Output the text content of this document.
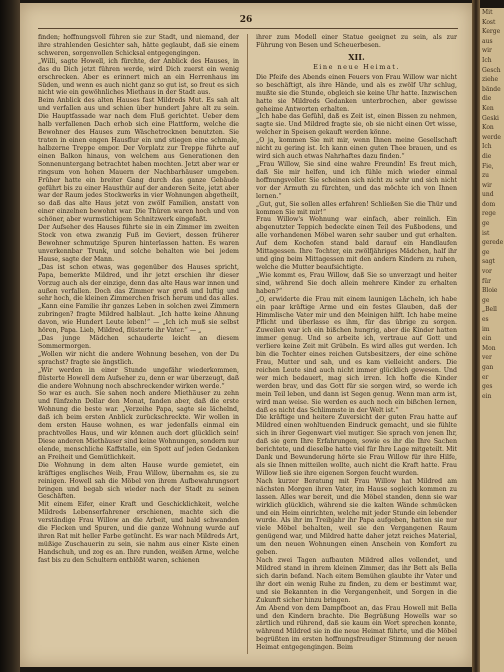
26

finden; hoffnungsvoll führen sie zur Stadt, und niemand, der ihre strahlenden Gesichter sah, hätte geglaubt, daß sie einem schweren, sorgenvollen Schicksal entgegengingen.

„Willi, sagte Howell, ich fürchte, der Anblick des Hauses, in das du Dich jetzt führen werde, wird Dich zuerst ein wenig erschrecken. Aber es erinnert mich an ein Herrenhaus im Süden, und wenn es auch nicht ganz so gut ist, so freut es sich nicht wie ein gewöhnliches Miethaus in der Stadt aus.

Beim Anblick des alten Hauses fast Mildreds Mut. Es sah alt und verfallen aus und schien über hundert Jahre alt zu sein. Die Hauptfassade war nach dem Fluß gerichtet. Ueber dem halb verfallenen Dach erhob sich eine Plattform, welche die Bewohner des Hauses zum Wäschetrocknen benutzten. Sie traten in einen engen Hausflur ein und stiegen eine schmale, halbzerne Treppe empor. Der Vorplatz zur Treppe führte auf einen Balkon hinaus, von welchem aus Generationen den Sonnenuntergang betrachtet haben mochten. Jetzt aber war er ringsum von hohen Mauern der Nachbarhäuser umgeben. Früher hatte ein breiter Gang durch das ganze Gebäude geführt bis zu einer Hausthür auf der anderen Seite, jetzt aber war der Raum jedes Stockwerks in vier Wohnungen abgetheilt, so daß das alte Haus jetzt von zwölf Familien, anstatt von einer einzelnen bewohnt war. Die Thüren waren hoch und von schöner, aber wurmstichigem Schnitzwerk eingefaßt.

Der Aufseher des Hauses führte sie in ein Zimmer im zweiten Stock von etwa zwanzig Fuß im Geviert, dessen früherer Bewohner schmutzige Spuren hinterlassen hatten. Es waren unverkennbar Trunk, und solche behalten wie bei jedem Hause, sagte der Mann.

„Das ist schon etwas, was gegenüber des Hauses spricht, Papa, bemerkte Mildred, und ihr jetzt erschien ihr dieser Vorzug auch als der einzige, denn das alte Haus war innen und außen verfallen. Doch das Zimmer war groß und luftig und sehr hoch, die kleinen Zimmerchen frisch herum und das alles.

„Kann eine Familie ihr ganzes Leben in solchen zwei Zimmern zubringen? fragte Mildred halblaut. „Ich hatte keine Ahnung davon, wie Hundert Leute leben!“ — „Ich ich muß sie selbst hören, Papa. Lieb, Mildred, flüsterte ihr Vater.“ — „

„Das junge Mädchen schauderte leicht an diesem Sommermorgen.

„Wollen wir nicht die andere Wohnung besehen, von der Du sprachst? fragte sie ängstlich.

„Wir werden in einer Stunde ungefähr wiederkommen, flüsterte Howell dem Aufseher zu, denn er war überzeugt, daß die andere Wohnung noch abschreckender wirken werde.“

So war es auch. Sie sahen noch andere Miethäuser zu zehn und fünfzehn Dollar den Monat, fanden aber, daß die erste Wohnung die beste war. „Verzeihe Papa, sagte sie lächelnd, daß ich beim ersten Anblick zurückschreckte. Wir wollen in dem ersten Hause wohnen, es war jedenfalls einmal ein prachtvolles Haus, und wir können auch dort glücklich sein! Diese anderen Miethäuser sind keine Wohnungen, sondern nur elende, menschliche Kaffstalle, ein Spott auf jeden Gedanken an Freiheit und Gemütlichkeit.

Die Wohnung in dem alten Hause wurde gemietet, ein kräftiges englisches Weib, Frau Willow, übernahm es, sie zu reinigen. Howell sah die Möbel von ihrem Aufbewahrungsort bringen und begab sich wieder nach der Stadt zu seinen Geschäften.

Mit einem Eifer, einer Kraft und Geschicklichkeit, welche Mildreds Lebenserfahrener erschienen, machte sich die verständige Frau Willow an die Arbeit, und bald schwanden die Flecken und Spuren, und die ganze Wohnung wurde auf ihren Rat mit heller Farbe getüncht. Es war nach Mildreds Art, müßige Zuschauerin zu sein, sie nahm aus einer Kiste einen Handschuh, und zog es an. Ihre runden, weißen Arme, welche fast bis zu den Schultern entblößt waren, schienen

ihrer zum Modell einer Statue geeignet zu sein, als zur Führung von Besen und Scheuerbesen.

XII.
Eine neue Heimat.

Die Pfeife des Abends einen Feuers von Frau Willow war nicht so beschäftigt, als ihre Hände, und als es zwölf Uhr schlug, mußte sie die Stunde, obgleich sie keine Uhr hatte. Inzwischen hatte sie Mildreds Gedanken unterbrochen, aber gewisse geheime Antworten erhalten.

„Ich habe das Gefühl, daß es Zeit ist, einen Bissen zu nehmen, sagte sie. Und Mildred fragte sie, ob sie nicht einen Ort wisse, welcher in Speisen gekauft werden könne.

„O ja, kommen Sie mit mir, wenn Ihnen meine Gesellschaft nicht zu gering ist. Ich kann einen guten Thee brauen, und es wird sich auch etwas Nahrhaftes dazu finden.“

„Frau Willow, Sie sind eine wahre Freundin! Es freut mich, daß Sie mir helfen, und ich fühle mich wieder einmal hoffnungsvoller. Sie scheinen sich nicht zu sehr und sich nicht vor der Armuth zu fürchten, und das möchte ich von Ihnen lernen.“

„Gut, gut, Sie sollen alles erfahren! Schließen Sie die Thür und kommen Sie mit mir!“

Frau Willow's Wohnung war einfach, aber reinlich. Ein abgenutzter Teppich bedeckte einen Teil des Fußbodens, und alle vorhandenen Möbel waren sehr sauber und gut erhalten. Auf dem Kochofen stand bald darauf ein Handlaufen Mittagessen. Ihre Tochter, ein zwölfjähriges Mädchen, half ihr und ging beim Mittagessen mit den andern Kindern zu ruhen, welche die Mutter beaufsichtigte.

„Wie kommt es, Frau Willow, daß Sie so unverzagt und heiter sind, während Sie doch allein mehrere Kinder zu erhalten haben?“

„O, erwiderte die Frau mit einem launigen Lächeln, ich habe ein paar kräftige Arme und ein festes Glauben, daß der Himmlische Vater mir und den Meinigen hilft. Ich habe meine Pflicht und überlasse es ihm, für das übrige zu sorgen. Zuweilen war ich ein bißchen hungrig, aber die Kinder hatten immer genug. Und so arbeite ich, vertraue auf Gott und verliere keine Zeit mit Grübeln. Es wird alles gut werden. Ich bin die Tochter eines reichen Gutsbesitzers, der eine schöne Frau, Mutter und sah, und es kam vielleicht anders. Die reichen Leute sind auch nicht immer glücklich gewesen. Und wer mich bedauert, mag sich irren. Ich hoffe die Kinder werden brav, und das Gott für sie sorgen wird, so werde ich mein Teil leben, und dann ist Segen genug. Wenn man arm ist, wird man weise. Sie werden es auch noch ein bißchen lernen, daß es nicht das Schlimmste in der Welt ist.“

Die kräftige und heitere Zuversicht der guten Frau hatte auf Mildred einen wohltuenden Eindruck gemacht, und sie fühlte sich in ihrer Gegenwart viel mutiger. Sie sprach von jenen Ihr, daß sie gern Ihre Erfahrungen, sowie es ihr die Ihre Sachen berichtete, und dieselbe hatte viel für Ihre Lage mitgeteilt. Mit Dank und Bewunderung hörte sie Frau Willow für ihre Hilfe, als sie Ihnen mitteilen wollte, auch nicht die Kraft hatte. Frau Willow ließ sie ihre eigenen Sorgen feucht wurden.

Nach kurzer Beratung mit Frau Willow hat Mildred am nächsten Morgen ihren Vater, im Hause sogleich kommen zu lassen. Alles war bereit, und die Möbel standen, denn sie war wirklich glücklich, während sie die kalten Wände schmücken und ein Heim einrichten, welche mit jeder Stunde ein lebender wurde. Als ihr im Treibjahr ihr Papa aufgeben, hatten sie nur viele Möbel behalten, weil sie den Vergangenen Raum genügend war, und Mildred hatte daher jetzt reiches Material, um den neuen Wohnungen einen Anschein von Komfort zu geben.

Nach zwei Tagen aufbauten Mildred alles vollendet, und Mildred stand in ihrem kleinen Zimmer, das ihr Bett als Bella sich darin befand. Nach eitem Bemühen glaubte ihr Vater und ihr dort ein wenig Ruhe zu finden, zu dem er bestimmt war, und sie Bekannten in die Vergangenheit, und Sorgen in die Zukunft sicher hinzu bringen.

Am Abend von dem Dampfboot an, das Frau Howell mit Bella und den Kindern brachte. Die Begrüßung Howells war so zärtlich und rührend, daß sie kaum ein Wort sprechen konnte, während Mildred sie in die neue Heimat führte, und die Möbel begrüßten im ersten hoffnungsfreudiger Stimmung der neuen Heimat entgegengingen. Beim

Mit
Kost
Kerge
aus
wir
Ich
Gesch
ziehe
bände
die
Ken
Geski
Kon
werde
Ich
die
Fie,
zu
wir
und
dom
rege
ge
ist
gerede
ge
sagt
vor
für
Bloie
ge
„Bell
es
im
ein
Mon
ver
gan
er
ges
ein
